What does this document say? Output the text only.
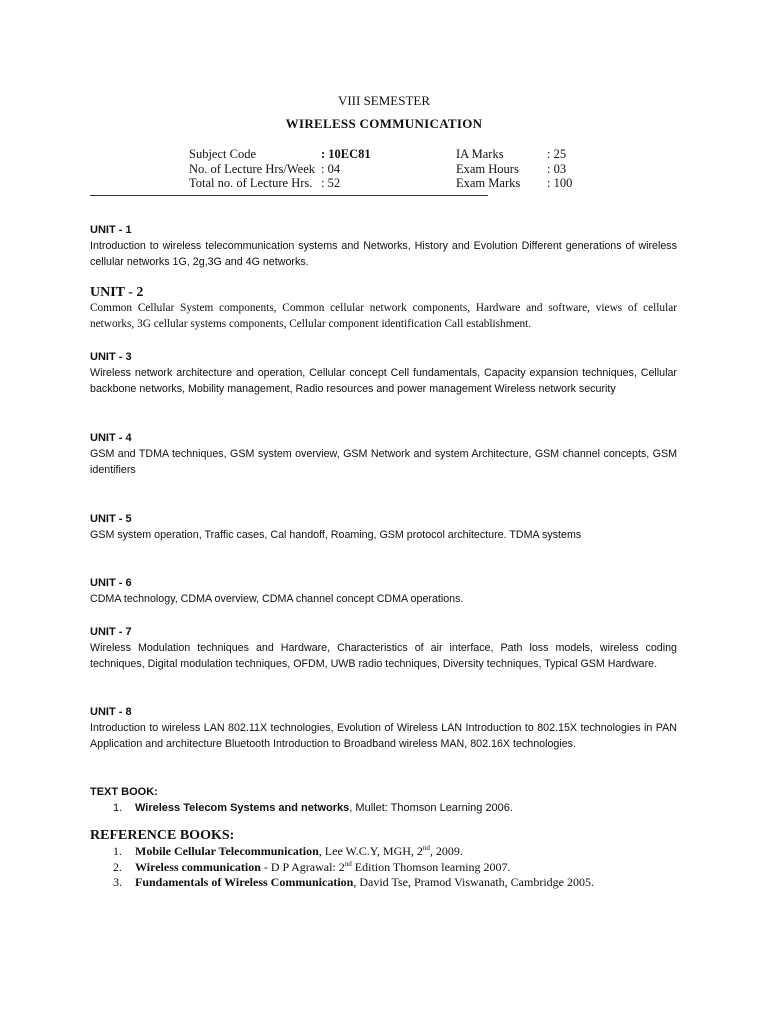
VIII SEMESTER
WIRELESS COMMUNICATION
Subject Code	: 10EC81	IA Marks	: 25
No. of Lecture Hrs/Week : 04	Exam Hours : 03
Total no. of Lecture Hrs. : 52	Exam Marks : 100
UNIT - 1

Introduction to wireless telecommunication systems and Networks, History and Evolution Different generations of wireless cellular networks 1G, 2g,3G and 4G networks.

UNIT - 2

Common Cellular System components, Common cellular network components, Hardware and software, views of cellular networks, 3G cellular systems components, Cellular component identification Call establishment.

UNIT - 3

Wireless network architecture and operation, Cellular concept Cell fundamentals, Capacity expansion techniques, Cellular backbone networks, Mobility management, Radio resources and power management Wireless network security

UNIT - 4

GSM and TDMA techniques, GSM system overview, GSM Network and system Architecture, GSM channel concepts, GSM identifiers

UNIT - 5

GSM system operation, Traffic cases, Cal handoff, Roaming, GSM protocol architecture. TDMA systems

UNIT - 6

CDMA technology, CDMA overview, CDMA channel concept CDMA operations.

UNIT - 7

Wireless Modulation techniques and Hardware, Characteristics of air interface, Path loss models, wireless coding techniques, Digital modulation techniques, OFDM, UWB radio techniques, Diversity techniques, Typical GSM Hardware.

UNIT - 8

Introduction to wireless LAN 802.11X technologies, Evolution of Wireless LAN Introduction to 802.15X technologies in PAN Application and architecture Bluetooth Introduction to Broadband wireless MAN, 802.16X technologies.

TEXT BOOK:
1. Wireless Telecom Systems and networks, Mullet: Thomson Learning 2006.
REFERENCE BOOKS:
1. Mobile Cellular Telecommunication, Lee W.C.Y, MGH, 2nd, 2009.
2. Wireless communication - D P Agrawal: 2nd Edition Thomson learning 2007.
3. Fundamentals of Wireless Communication, David Tse, Pramod Viswanath, Cambridge 2005.
